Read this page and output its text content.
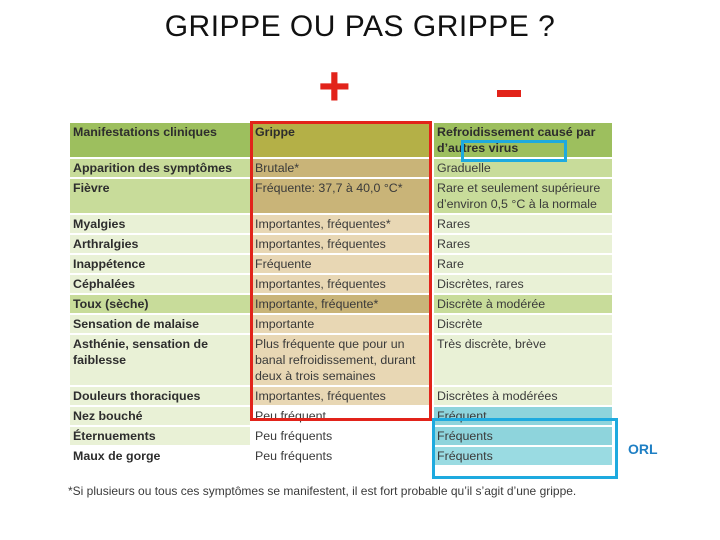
GRIPPE OU PAS GRIPPE ?
+
Manifestations cliniques	Grippe	Refroidissement causé par d’autres virus
Apparition des symptômes	Brutale*	Graduelle
Fièvre	Fréquente: 37,7 à 40,0 °C*	Rare et seulement supérieure d’environ 0,5 °C à la normale
Myalgies	Importantes, fréquentes*	Rares
Arthralgies	Importantes, fréquentes	Rares
Inappétence	Fréquente	Rare
Céphalées	Importantes, fréquentes	Discrètes, rares
Toux (sèche)	Importante, fréquente*	Discrète à modérée
Sensation de malaise	Importante	Discrète
Asthénie, sensation de faiblesse	Plus fréquente que pour un banal refroidissement, durant deux à trois semaines	Très discrète, brève
Douleurs thoraciques	Importantes, fréquentes	Discrètes à modérées
Nez bouché	Peu fréquent	Fréquent
Éternuements	Peu fréquents	Fréquents
Maux de gorge	Peu fréquents	Fréquents	ORL
*Si plusieurs ou tous ces symptômes se manifestent, il est fort probable qu’il s’agit d’une grippe.
